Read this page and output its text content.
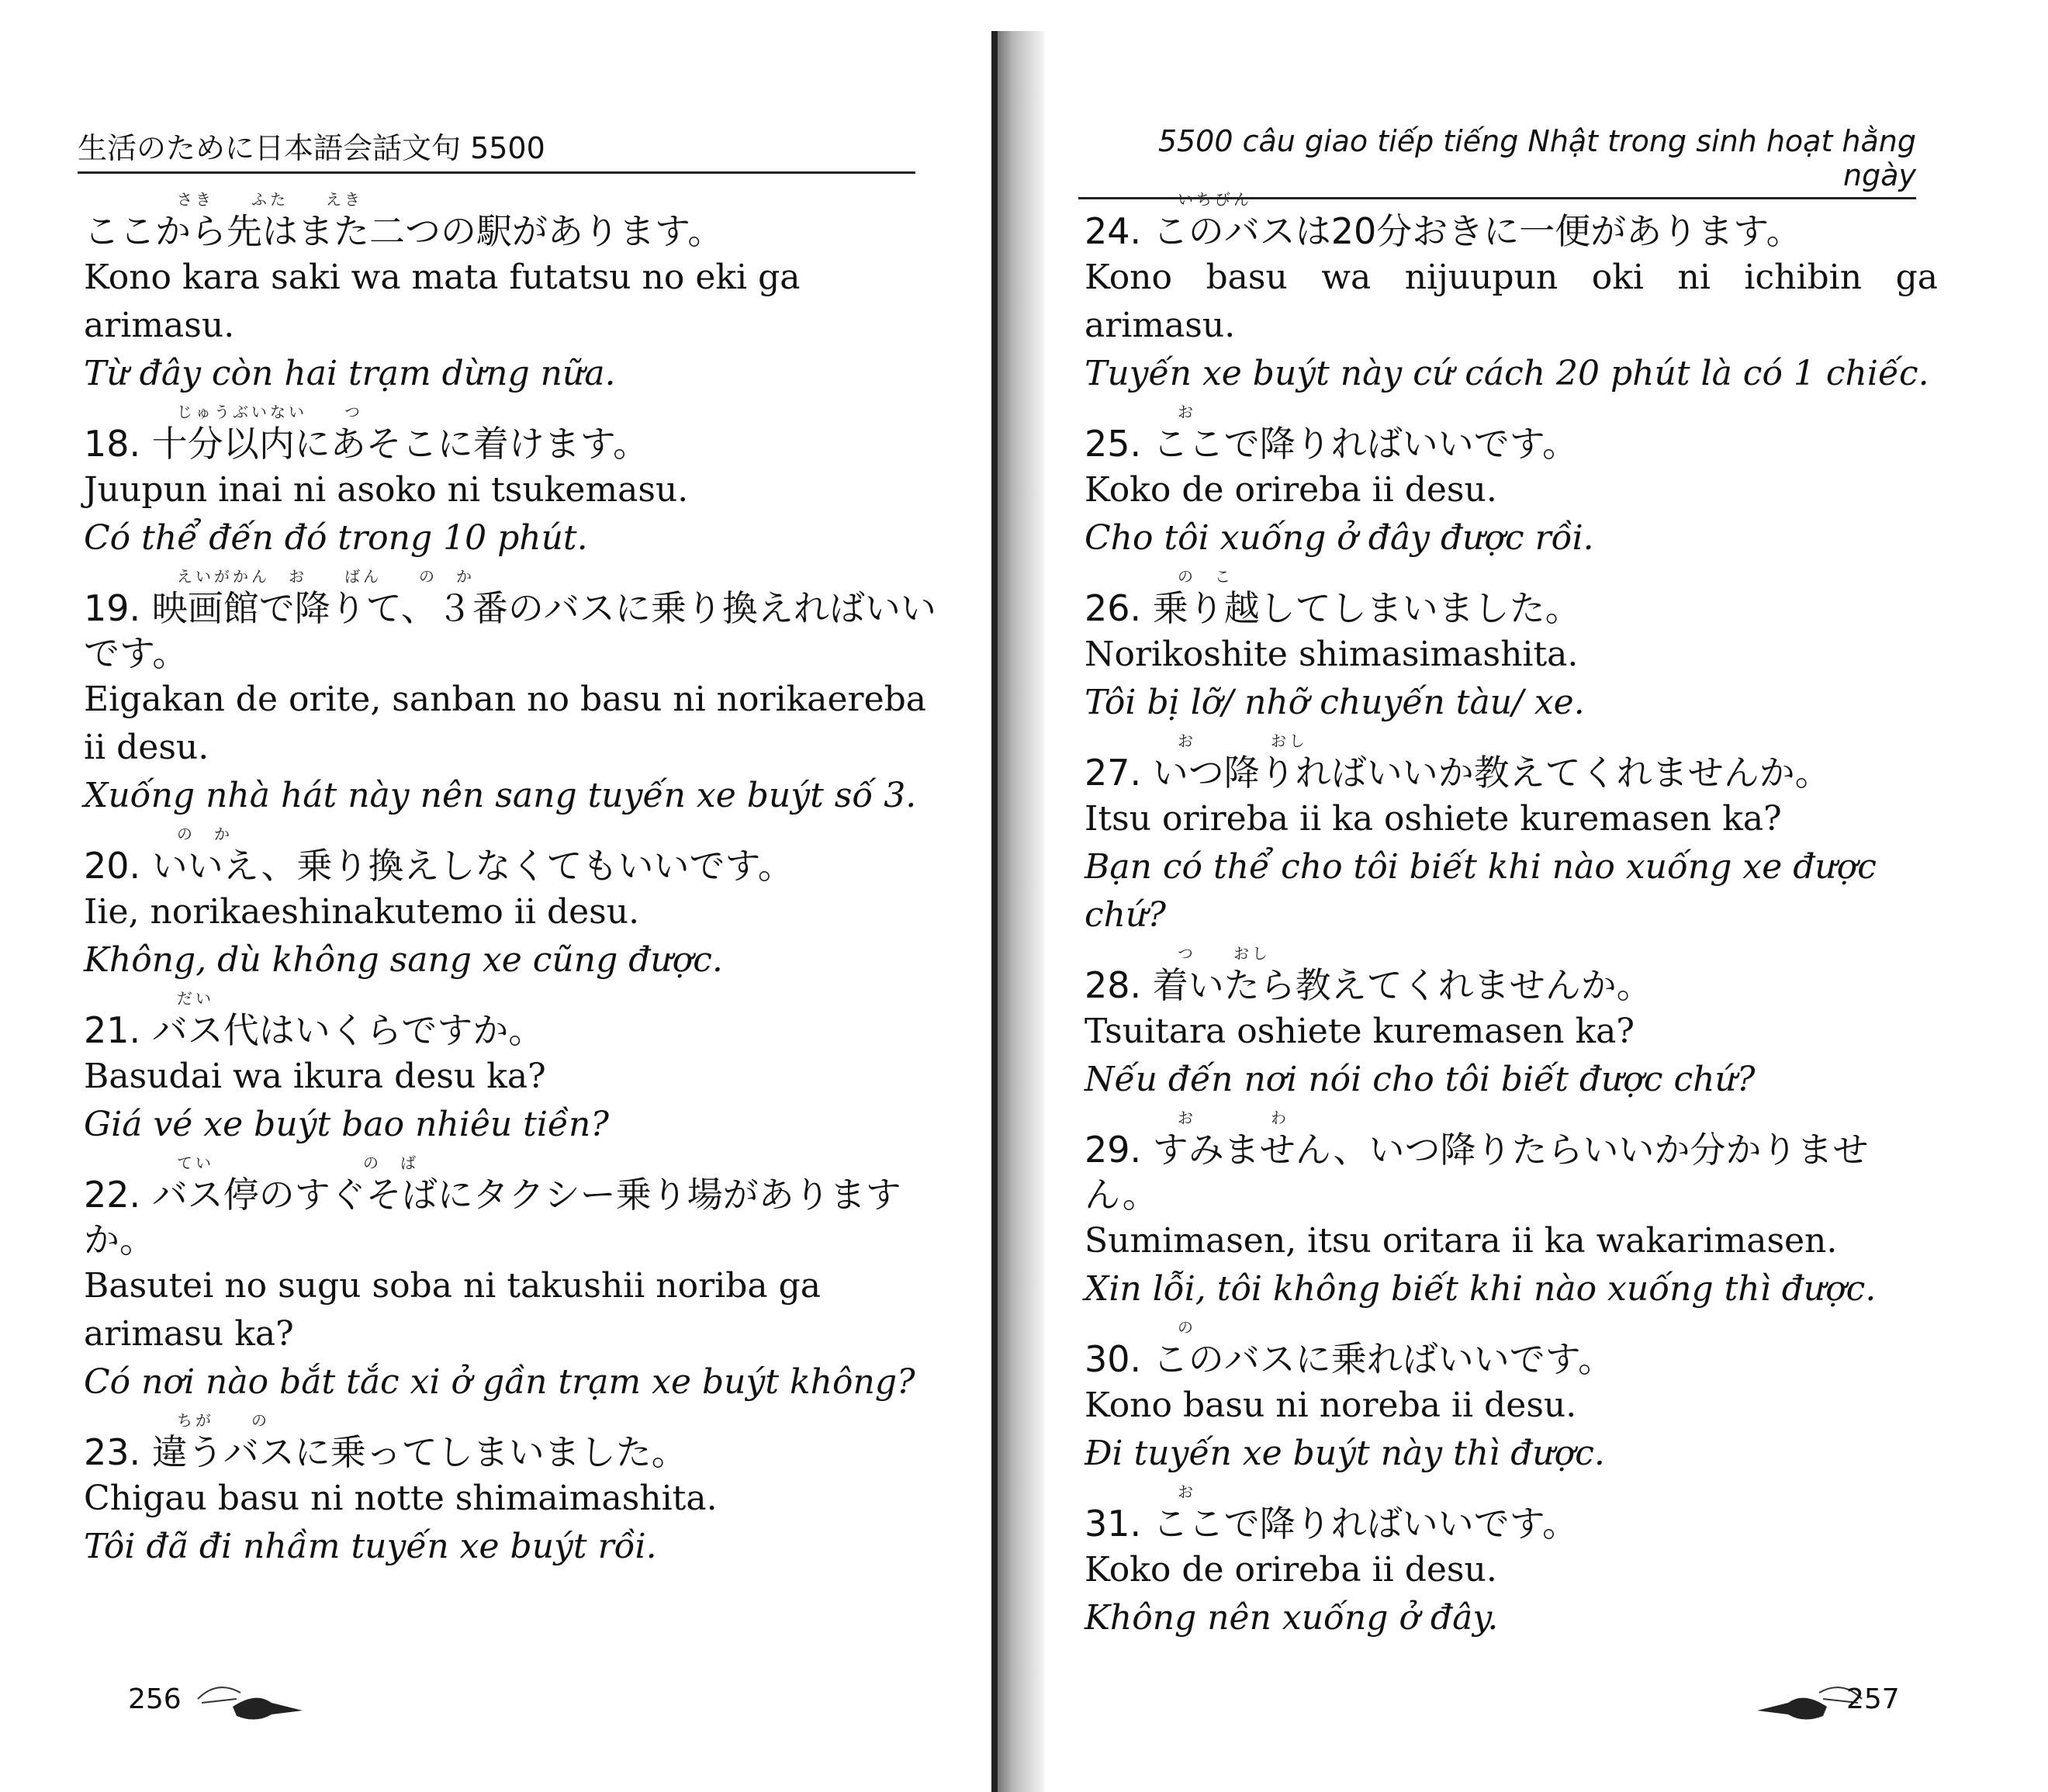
生活のために日本語会話文句 5500
さき　　ふた　　えき
ここから先はまた二つの駅があります。
Kono kara saki wa mata futatsu no eki ga arimasu.
Từ đây còn hai trạm dừng nữa.
じゅうぶいない　　つ
18. 十分以内にあそこに着けます。
Juupun inai ni asoko ni tsukemasu.
Có thể đến đó trong 10 phút.
えいがかん　お　　ばん　　の　か
19. 映画館で降りて、３番のバスに乗り換えればいいです。
Eigakan de orite, sanban no basu ni norikaereba ii desu.
Xuống nhà hát này nên sang tuyến xe buýt số 3.
の　か
20. いいえ、乗り換えしなくてもいいです。
Iie, norikaeshinakutemo ii desu.
Không, dù không sang xe cũng được.
だい
21. バス代はいくらですか。
Basudai wa ikura desu ka?
Giá vé xe buýt bao nhiêu tiền?
てい　　　　　　　　の　ば
22. バス停のすぐそばにタクシー乗り場がありますか。
Basutei no sugu soba ni takushii noriba ga arimasu ka?
Có nơi nào bắt tắc xi ở gần trạm xe buýt không?
ちが　　の
23. 違うバスに乗ってしまいました。
Chigau basu ni notte shimaimashita.
Tôi đã đi nhầm tuyến xe buýt rồi.
256
5500 câu giao tiếp tiếng Nhật trong sinh hoạt hằng ngày
いちびん
24. このバスは20分おきに一便があります。
Kono basu wa nijuupun oki ni ichibin ga arimasu.
Tuyến xe buýt này cứ cách 20 phút là có 1 chiếc.
お
25. ここで降りればいいです。
Koko de orireba ii desu.
Cho tôi xuống ở đây được rồi.
の　こ
26. 乗り越してしまいました。
Norikoshite shimasimashita.
Tôi bị lỡ/ nhỡ chuyến tàu/ xe.
お　　　　おし
27. いつ降りればいいか教えてくれませんか。
Itsu orireba ii ka oshiete kuremasen ka?
Bạn có thể cho tôi biết khi nào xuống xe được chứ?
つ　　おし
28. 着いたら教えてくれませんか。
Tsuitara oshiete kuremasen ka?
Nếu đến nơi nói cho tôi biết được chứ?
お　　　　わ
29. すみません、いつ降りたらいいか分かりません。
Sumimasen, itsu oritara ii ka wakarimasen.
Xin lỗi, tôi không biết khi nào xuống thì được.
の
30. このバスに乗ればいいです。
Kono basu ni noreba ii desu.
Đi tuyến xe buýt này thì được.
お
31. ここで降りればいいです。
Koko de orireba ii desu.
Không nên xuống ở đây.
257
